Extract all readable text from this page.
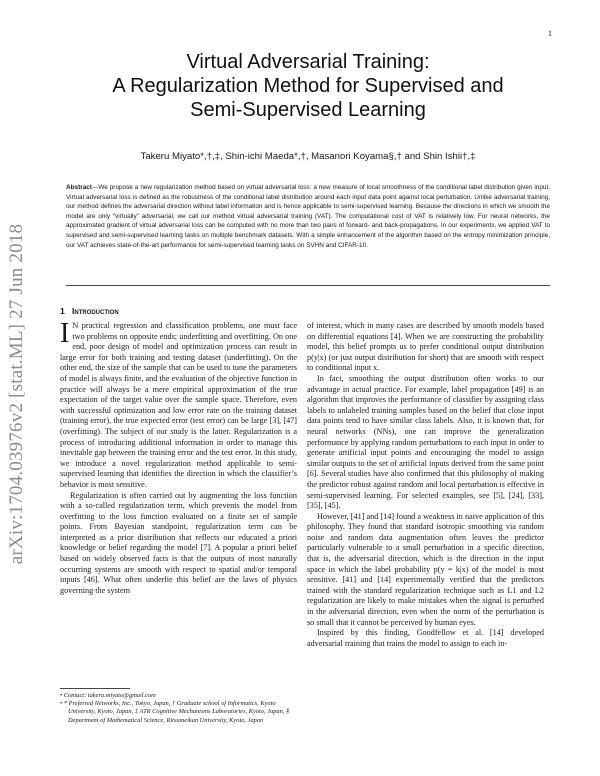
1
arXiv:1704.03976v2 [stat.ML] 27 Jun 2018
Virtual Adversarial Training:
A Regularization Method for Supervised and
Semi-Supervised Learning
Takeru Miyato*,†,‡, Shin-ichi Maeda*,†, Masanori Koyama§,† and Shin Ishii†,‡
Abstract—We propose a new regularization method based on virtual adversarial loss: a new measure of local smoothness of the conditional label distribution given input. Virtual adversarial loss is defined as the robustness of the conditional label distribution around each input data point against local perturbation. Unlike adversarial training, our method defines the adversarial direction without label information and is hence applicable to semi-supervised learning. Because the directions in which we smooth the model are only “virtually” adversarial, we call our method virtual adversarial training (VAT). The computational cost of VAT is relatively low. For neural networks, the approximated gradient of virtual adversarial loss can be computed with no more than two pairs of forward- and back-propagations. In our experiments, we applied VAT to supervised and semi-supervised learning tasks on multiple benchmark datasets. With a simple enhancement of the algorithm based on the entropy minimization principle, our VAT achieves state-of-the-art performance for semi-supervised learning tasks on SVHN and CIFAR-10.
1 Introduction

I N practical regression and classification problems, one must face two problems on opposite ends; underfitting and overfitting. On one end, poor design of model and optimization process can result in large error for both training and testing dataset (underfitting). On the other end, the size of the sample that can be used to tune the parameters of model is always finite, and the evaluation of the objective function in practice will always be a mere empirical approximation of the true expectation of the target value over the sample space. Therefore, even with successful optimization and low error rate on the training dataset (training error), the true expected error (test error) can be large [3], [47] (overfitting). The subject of our study is the latter. Regularization is a process of introducing additional information in order to manage this inevitable gap between the training error and the test error. In this study, we introduce a novel regularization method applicable to semi-supervised learning that identifies the direction in which the classifier’s behavior is most sensitive.

Regularization is often carried out by augmenting the loss function with a so-called regularization term, which prevents the model from overfitting to the loss function evaluated on a finite set of sample points. From Bayesian standpoint, regularization term can be interpreted as a prior distribution that reflects our educated a priori knowledge or belief regarding the model [7]. A popular a priori belief based on widely observed facts is that the outputs of most naturally occurring systems are smooth with respect to spatial and/or temporal inputs [46]. What often underlie this belief are the laws of physics governing the system

of interest, which in many cases are described by smooth models based on differential equations [4]. When we are constructing the probability model, this belief prompts us to prefer conditional output distribution p(y|x) (or just output distribution for short) that are smooth with respect to conditional input x.

In fact, smoothing the output distribution often works to our advantage in actual practice. For example, label propagation [49] is an algorithm that improves the performance of classifier by assigning class labels to unlabeled training samples based on the belief that close input data points tend to have similar class labels. Also, it is known that, for neural networks (NNs), one can improve the generalization performance by applying random perturbations to each input in order to generate artificial input points and encouraging the model to assign similar outputs to the set of artificial inputs derived from the same point [6]. Several studies have also confirmed that this philosophy of making the predictor robust against random and local perturbation is effective in semi-supervised learning. For selected examples, see [5], [24], [33], [35], [45].

However, [41] and [14] found a weakness in naive application of this philosophy. They found that standard isotropic smoothing via random noise and random data augmentation often leaves the predictor particularly vulnerable to a small perturbation in a specific direction, that is, the adversarial direction, which is the direction in the input space in which the label probability p(y = k|x) of the model is most sensitive. [41] and [14] experimentally verified that the predictors trained with the standard regularization technique such as L1 and L2 regularization are likely to make mistakes when the signal is perturbed in the adversarial direction, even when the norm of the perturbation is so small that it cannot be perceived by human eyes.

Inspired by this finding, Goodfellow et al. [14] developed adversarial training that trains the model to assign to each in-

• Contact: takeru.miyato@gmail.com
• * Preferred Networks, Inc., Tokyo, Japan, † Graduate school of Informatics, Kyoto University, Kyoto, Japan, ‡ ATR Cognitive Mechanisms Laboratories, Kyoto, Japan, § Department of Mathematical Science, Ritsumeikan University, Kyoto, Japan
